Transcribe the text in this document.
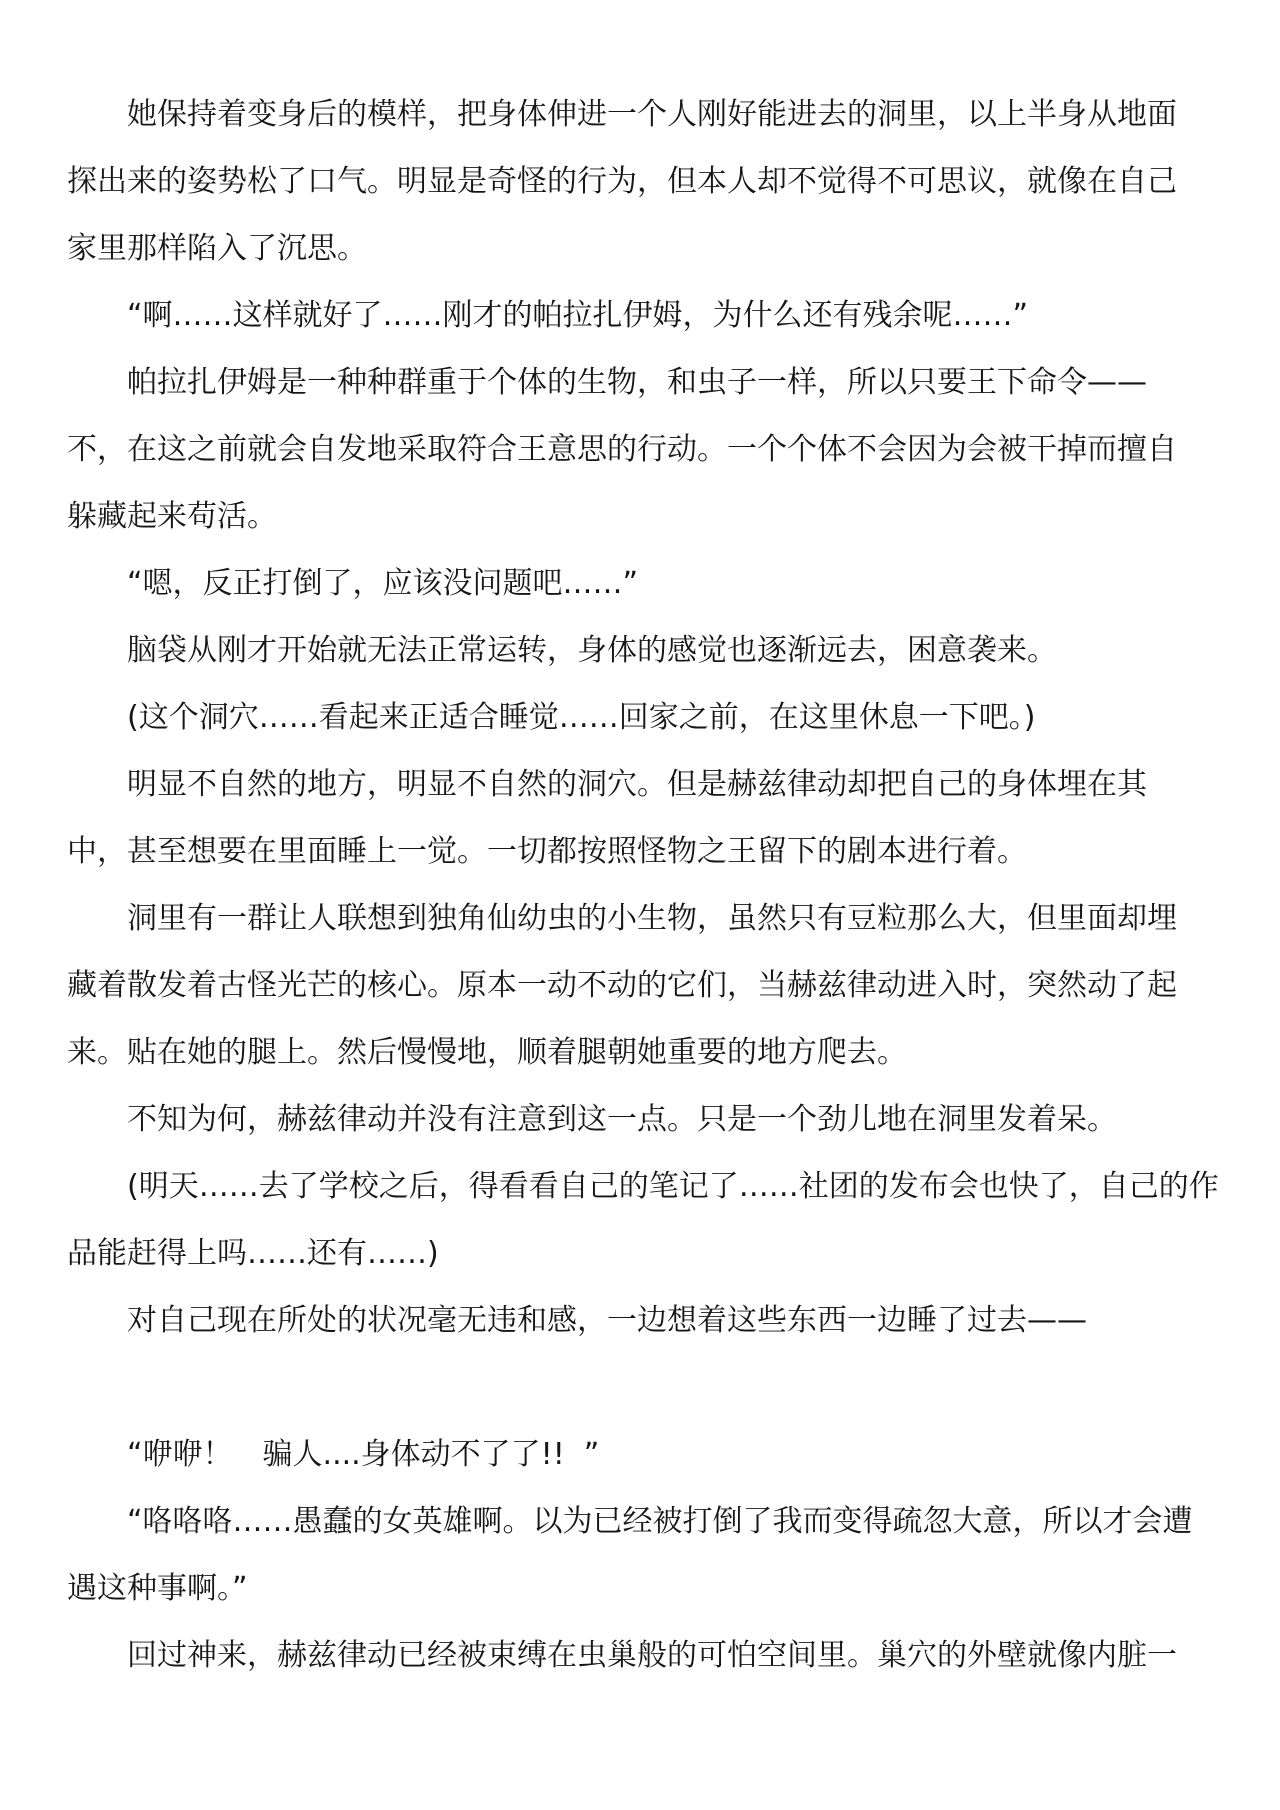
她保持着变身后的模样，把身体伸进一个人刚好能进去的洞里，以上半身从地面
探出来的姿势松了口气。明显是奇怪的行为，但本人却不觉得不可思议，就像在自己
家里那样陷入了沉思。
“啊……这样就好了……刚才的帕拉扎伊姆，为什么还有残余呢……”
帕拉扎伊姆是一种种群重于个体的生物，和虫子一样，所以只要王下命令——
不，在这之前就会自发地采取符合王意思的行动。一个个体不会因为会被干掉而擅自
躲藏起来苟活。
“嗯，反正打倒了，应该没问题吧……”
脑袋从刚才开始就无法正常运转，身体的感觉也逐渐远去，困意袭来。
(这个洞穴……看起来正适合睡觉……回家之前，在这里休息一下吧。)
明显不自然的地方，明显不自然的洞穴。但是赫兹律动却把自己的身体埋在其
中，甚至想要在里面睡上一觉。一切都按照怪物之王留下的剧本进行着。
洞里有一群让人联想到独角仙幼虫的小生物，虽然只有豆粒那么大，但里面却埋
藏着散发着古怪光芒的核心。原本一动不动的它们，当赫兹律动进入时，突然动了起
来。贴在她的腿上。然后慢慢地，顺着腿朝她重要的地方爬去。
不知为何，赫兹律动并没有注意到这一点。只是一个劲儿地在洞里发着呆。
(明天……去了学校之后，得看看自己的笔记了……社团的发布会也快了，自己的作
品能赶得上吗……还有……)
对自己现在所处的状况毫无违和感，一边想着这些东西一边睡了过去——

“咿咿！　骗人....身体动不了了!!  ”
“咯咯咯……愚蠢的女英雄啊。以为已经被打倒了我而变得疏忽大意，所以才会遭
遇这种事啊。”
回过神来，赫兹律动已经被束缚在虫巢般的可怕空间里。巢穴的外壁就像内脏一
